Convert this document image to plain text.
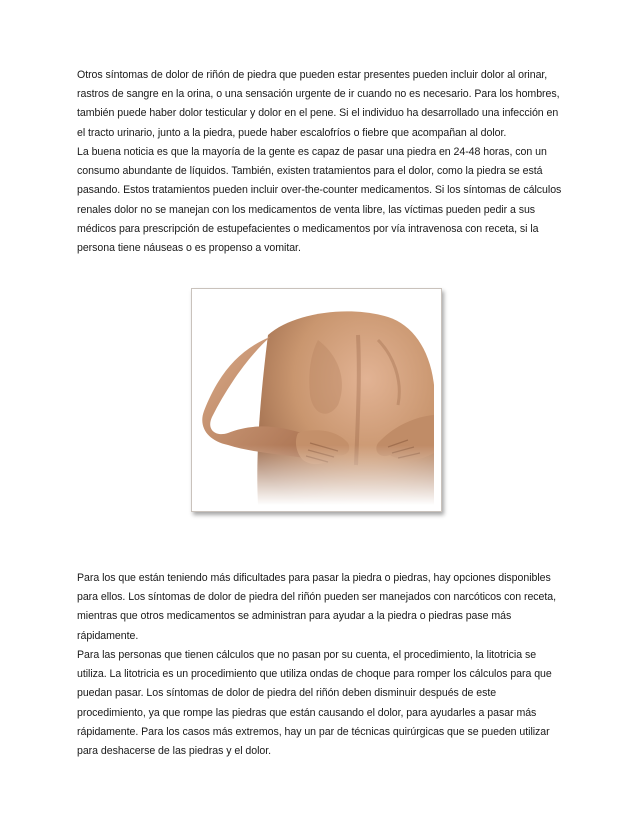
Otros síntomas de dolor de riñón de piedra que pueden estar presentes pueden incluir dolor al orinar, rastros de sangre en la orina, o una sensación urgente de ir cuando no es necesario. Para los hombres, también puede haber dolor testicular y dolor en el pene. Si el individuo ha desarrollado una infección en el tracto urinario, junto a la piedra, puede haber escalofríos o fiebre que acompañan al dolor.

La buena noticia es que la mayoría de la gente es capaz de pasar una piedra en 24-48 horas, con un consumo abundante de líquidos. También, existen tratamientos para el dolor, como la piedra se está pasando. Estos tratamientos pueden incluir over-the-counter medicamentos. Si los síntomas de cálculos renales dolor no se manejan con los medicamentos de venta libre, las víctimas pueden pedir a sus médicos para prescripción de estupefacientes o medicamentos por vía intravenosa con receta, si la persona tiene náuseas o es propenso a vomitar.

Para los que están teniendo más dificultades para pasar la piedra o piedras, hay opciones disponibles para ellos. Los síntomas de dolor de piedra del riñón pueden ser manejados con narcóticos con receta, mientras que otros medicamentos se administran para ayudar a la piedra o piedras pase más rápidamente.

Para las personas que tienen cálculos que no pasan por su cuenta, el procedimiento, la litotricia se utiliza. La litotricia es un procedimiento que utiliza ondas de choque para romper los cálculos para que puedan pasar. Los síntomas de dolor de piedra del riñón deben disminuir después de este procedimiento, ya que rompe las piedras que están causando el dolor, para ayudarles a pasar más rápidamente. Para los casos más extremos, hay un par de técnicas quirúrgicas que se pueden utilizar para deshacerse de las piedras y el dolor.
